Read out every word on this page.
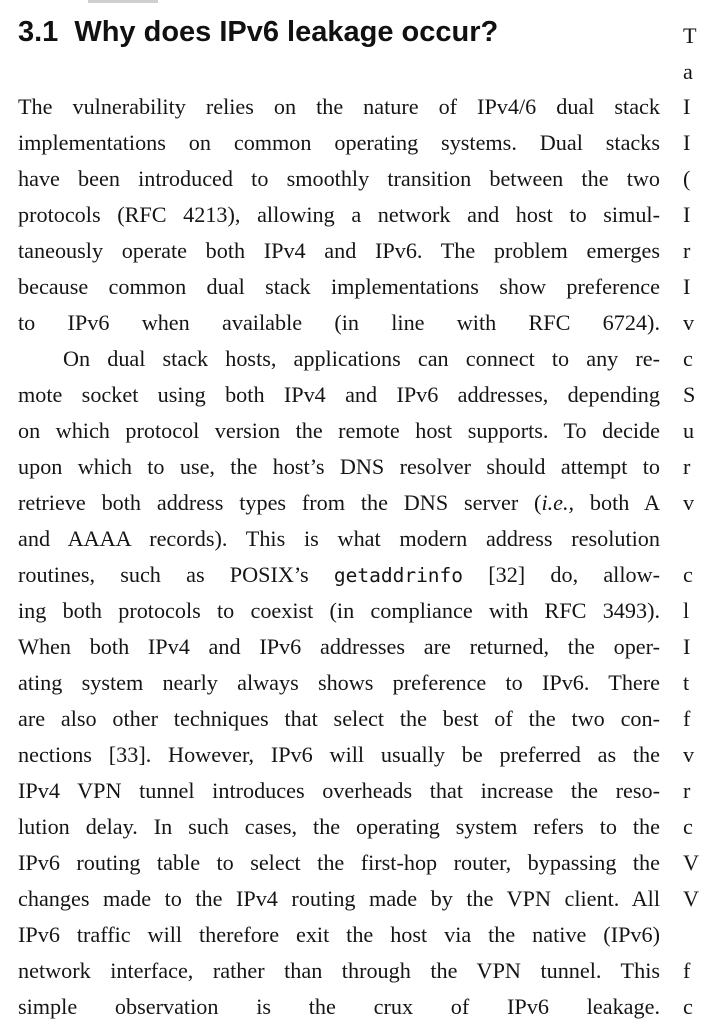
3.1 Why does IPv6 leakage occur?

The vulnerability relies on the nature of IPv4/6 dual stack
implementations on common operating systems. Dual stacks
have been introduced to smoothly transition between the two
protocols (RFC 4213), allowing a network and host to simul-
taneously operate both IPv4 and IPv6. The problem emerges
because common dual stack implementations show preference
to IPv6 when available (in line with RFC 6724).

On dual stack hosts, applications can connect to any re-
mote socket using both IPv4 and IPv6 addresses, depending
on which protocol version the remote host supports. To decide
upon which to use, the host’s DNS resolver should attempt to
retrieve both address types from the DNS server (i.e., both A
and AAAA records). This is what modern address resolution
routines, such as POSIX’s getaddrinfo [32] do, allow-
ing both protocols to coexist (in compliance with RFC 3493).
When both IPv4 and IPv6 addresses are returned, the oper-
ating system nearly always shows preference to IPv6. There
are also other techniques that select the best of the two con-
nections [33]. However, IPv6 will usually be preferred as the
IPv4 VPN tunnel introduces overheads that increase the reso-
lution delay. In such cases, the operating system refers to the
IPv6 routing table to select the first-hop router, bypassing the
changes made to the IPv4 routing made by the VPN client. All
IPv6 traffic will therefore exit the host via the native (IPv6)
network interface, rather than through the VPN tunnel. This
simple observation is the crux of IPv6 leakage.

T
a
I
I
(
I
r
I
v
c
S
u
r
v
c
l
I
t
f
v
r
c
V
V
f
c
